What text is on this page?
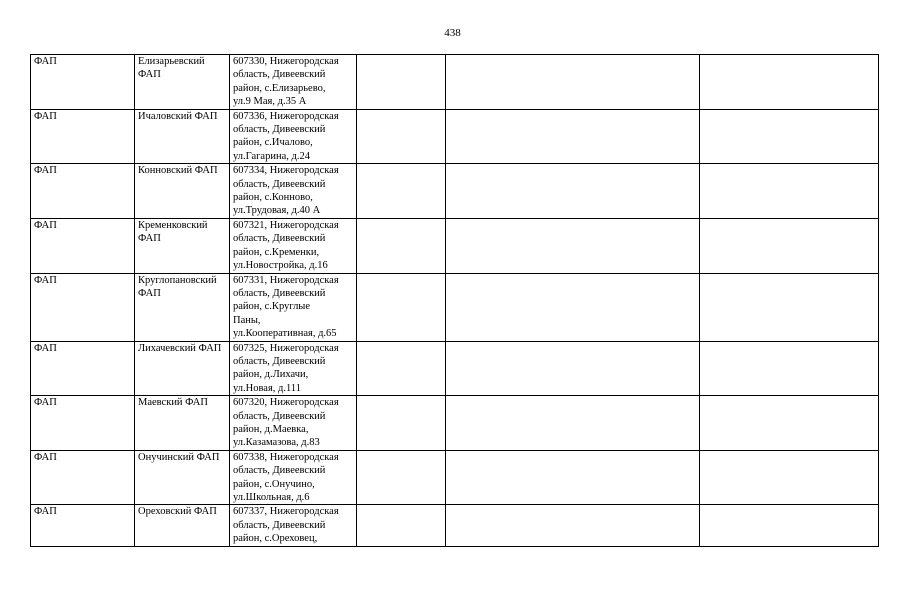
438
ФАП	Елизарьевский ФАП	607330, Нижегородская
область, Дивеевский
район, с.Елизарьево,
ул.9 Мая, д.35 А			

ФАП	Ичаловский ФАП	607336, Нижегородская
область, Дивеевский
район, с.Ичалово,
ул.Гагарина, д.24			

ФАП	Конновский ФАП	607334, Нижегородская
область, Дивеевский
район, с.Конново,
ул.Трудовая, д.40 А			

ФАП	Кременковский ФАП	607321, Нижегородская
область, Дивеевский
район, с.Кременки,
ул.Новостройка, д.16			

ФАП	Круглопановский ФАП	607331, Нижегородская
область, Дивеевский
район, с.Круглые
Паны,
ул.Кооперативная, д.65			

ФАП	Лихачевский ФАП	607325, Нижегородская
область, Дивеевский
район, д.Лихачи,
ул.Новая, д.111			

ФАП	Маевский ФАП	607320, Нижегородская
область, Дивеевский
район, д.Маевка,
ул.Казамазова, д.83			

ФАП	Онучинский ФАП	607338, Нижегородская
область, Дивеевский
район, с.Онучино,
ул.Школьная, д.6			

ФАП	Ореховский ФАП	607337, Нижегородская
область, Дивеевский
район, с.Ореховец,			
